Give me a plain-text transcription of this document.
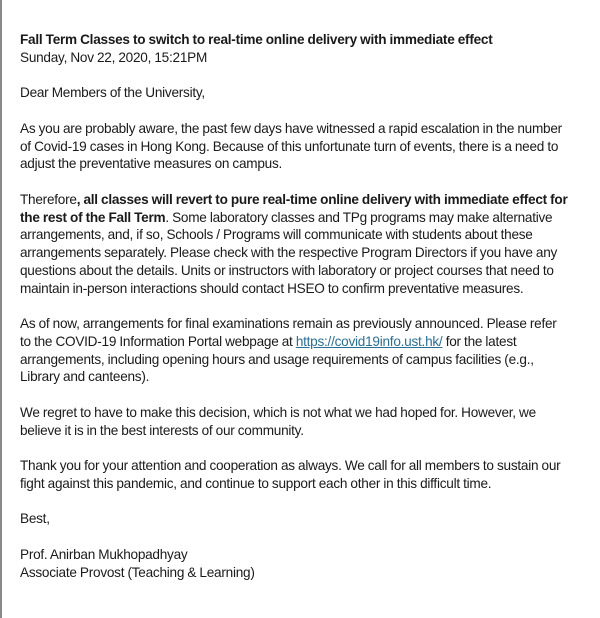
Fall Term Classes to switch to real-time online delivery with immediate effect
Sunday, Nov 22, 2020, 15:21PM
Dear Members of the University,
As you are probably aware, the past few days have witnessed a rapid escalation in the number
of Covid-19 cases in Hong Kong. Because of this unfortunate turn of events, there is a need to
adjust the preventative measures on campus.
Therefore, all classes will revert to pure real-time online delivery with immediate effect for
the rest of the Fall Term. Some laboratory classes and TPg programs may make alternative
arrangements, and, if so, Schools / Programs will communicate with students about these
arrangements separately. Please check with the respective Program Directors if you have any
questions about the details. Units or instructors with laboratory or project courses that need to
maintain in-person interactions should contact HSEO to confirm preventative measures.
As of now, arrangements for final examinations remain as previously announced. Please refer
to the COVID-19 Information Portal webpage at https://covid19info.ust.hk/ for the latest
arrangements, including opening hours and usage requirements of campus facilities (e.g.,
Library and canteens).
We regret to have to make this decision, which is not what we had hoped for. However, we
believe it is in the best interests of our community.
Thank you for your attention and cooperation as always. We call for all members to sustain our
fight against this pandemic, and continue to support each other in this difficult time.
Best,
Prof. Anirban Mukhopadhyay
Associate Provost (Teaching & Learning)
